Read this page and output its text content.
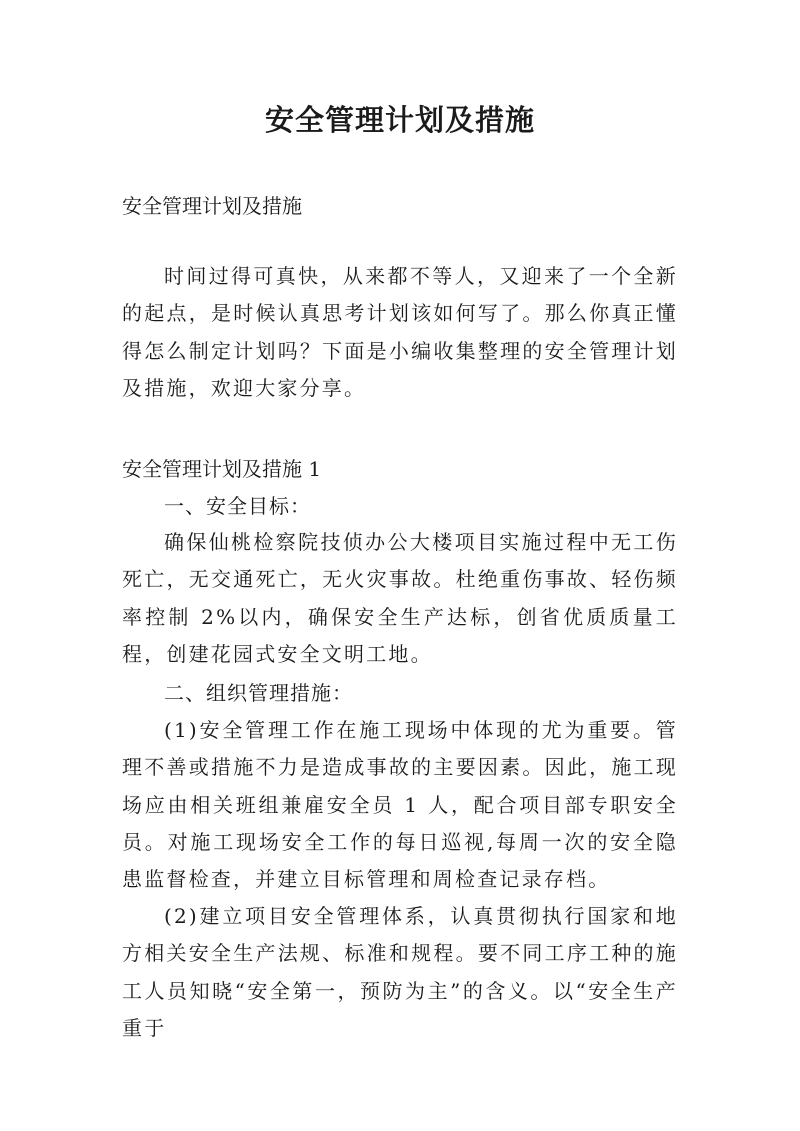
安全管理计划及措施
安全管理计划及措施
时间过得可真快，从来都不等人，又迎来了一个全新的起点，是时候认真思考计划该如何写了。那么你真正懂得怎么制定计划吗？下面是小编收集整理的安全管理计划及措施，欢迎大家分享。
安全管理计划及措施 1
一、安全目标：
确保仙桃检察院技侦办公大楼项目实施过程中无工伤死亡，无交通死亡，无火灾事故。杜绝重伤事故、轻伤频率控制 2%以内，确保安全生产达标，创省优质质量工程，创建花园式安全文明工地。
二、组织管理措施：
(1)安全管理工作在施工现场中体现的尤为重要。管理不善或措施不力是造成事故的主要因素。因此，施工现场应由相关班组兼雇安全员 1 人，配合项目部专职安全员。对施工现场安全工作的每日巡视,每周一次的安全隐患监督检查，并建立目标管理和周检查记录存档。
(2)建立项目安全管理体系，认真贯彻执行国家和地方相关安全生产法规、标准和规程。要不同工序工种的施工人员知晓“安全第一，预防为主”的含义。以“安全生产重于
